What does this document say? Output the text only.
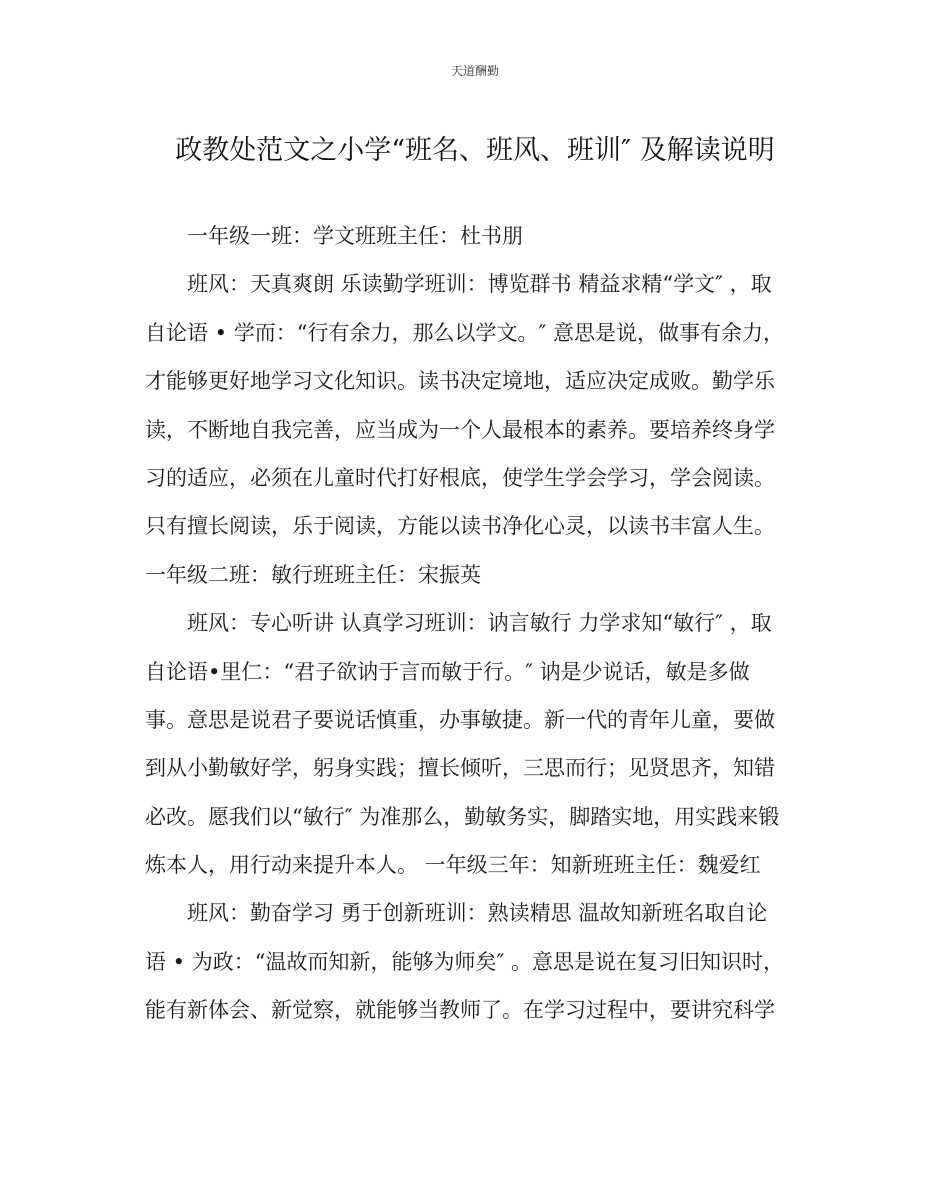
天道酬勤
政教处范文之小学“班名、班风、班训″ 及解读说明
一年级一班：学文班班主任：杜书朋
班风：天真爽朗 乐读勤学班训：博览群书 精益求精“学文″ ，取
自论语 • 学而：“行有余力，那么以学文。″ 意思是说，做事有余力，
才能够更好地学习文化知识。读书决定境地，适应决定成败。勤学乐
读，不断地自我完善，应当成为一个人最根本的素养。要培养终身学
习的适应，必须在儿童时代打好根底，使学生学会学习，学会阅读。
只有擅长阅读，乐于阅读，方能以读书净化心灵，以读书丰富人生。
一年级二班：敏行班班主任：宋振英
班风：专心听讲 认真学习班训：讷言敏行 力学求知“敏行″ ，取
自论语•里仁：“君子欲讷于言而敏于行。″ 讷是少说话，敏是多做
事。意思是说君子要说话慎重，办事敏捷。新一代的青年儿童，要做
到从小勤敏好学，躬身实践；擅长倾听，三思而行；见贤思齐，知错
必改。愿我们以“敏行″ 为准那么，勤敏务实，脚踏实地，用实践来锻
炼本人，用行动来提升本人。 一年级三年：知新班班主任：魏爱红
班风：勤奋学习 勇于创新班训：熟读精思 温故知新班名取自论
语 • 为政：“温故而知新，能够为师矣″ 。意思是说在复习旧知识时，
能有新体会、新觉察，就能够当教师了。在学习过程中，要讲究科学
